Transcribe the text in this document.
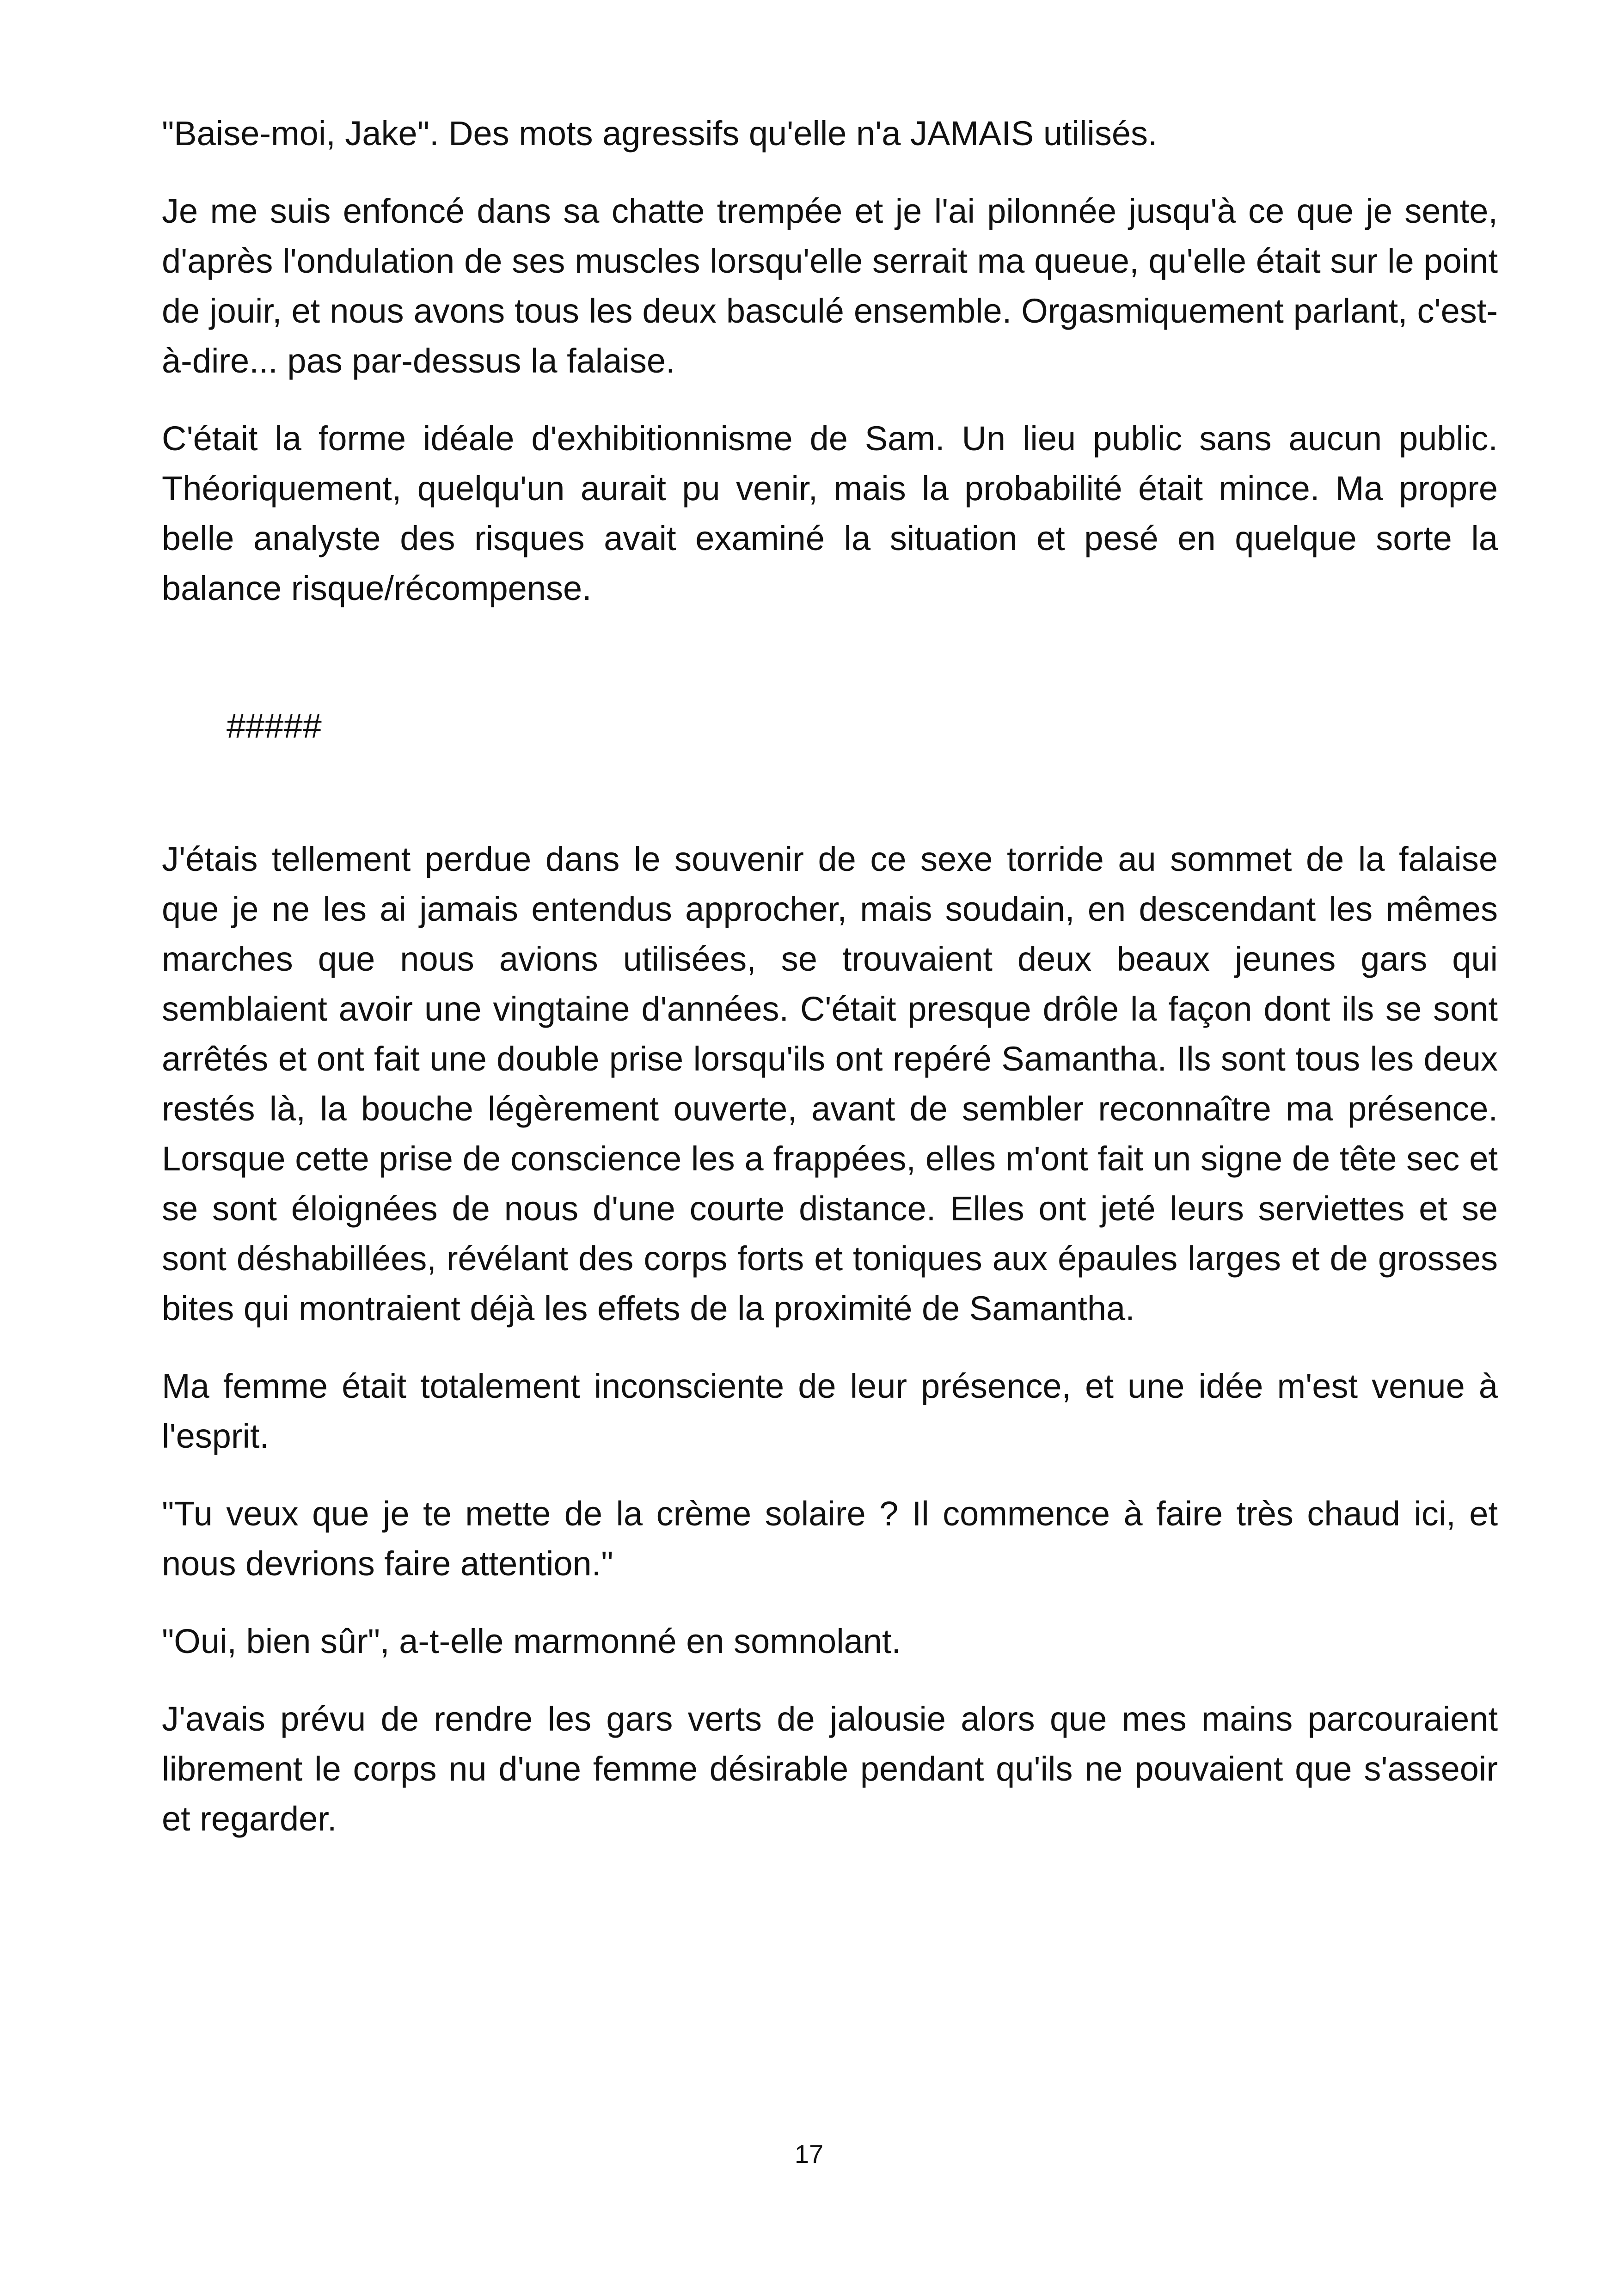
"Baise-moi, Jake". Des mots agressifs qu'elle n'a JAMAIS utilisés.

Je me suis enfoncé dans sa chatte trempée et je l'ai pilonnée jusqu'à ce que je sente, d'après l'ondulation de ses muscles lorsqu'elle serrait ma queue, qu'elle était sur le point de jouir, et nous avons tous les deux basculé ensemble. Orgasmiquement parlant, c'est-à-dire... pas par-dessus la falaise.

C'était la forme idéale d'exhibitionnisme de Sam. Un lieu public sans aucun public. Théoriquement, quelqu'un aurait pu venir, mais la probabilité était mince. Ma propre belle analyste des risques avait examiné la situation et pesé en quelque sorte la balance risque/récompense.

#####

J'étais tellement perdue dans le souvenir de ce sexe torride au sommet de la falaise que je ne les ai jamais entendus approcher, mais soudain, en descendant les mêmes marches que nous avions utilisées, se trouvaient deux beaux jeunes gars qui semblaient avoir une vingtaine d'années. C'était presque drôle la façon dont ils se sont arrêtés et ont fait une double prise lorsqu'ils ont repéré Samantha. Ils sont tous les deux restés là, la bouche légèrement ouverte, avant de sembler reconnaître ma présence. Lorsque cette prise de conscience les a frappées, elles m'ont fait un signe de tête sec et se sont éloignées de nous d'une courte distance. Elles ont jeté leurs serviettes et se sont déshabillées, révélant des corps forts et toniques aux épaules larges et de grosses bites qui montraient déjà les effets de la proximité de Samantha.

Ma femme était totalement inconsciente de leur présence, et une idée m'est venue à l'esprit.

"Tu veux que je te mette de la crème solaire ? Il commence à faire très chaud ici, et nous devrions faire attention."

"Oui, bien sûr", a-t-elle marmonné en somnolant.

J'avais prévu de rendre les gars verts de jalousie alors que mes mains parcouraient librement le corps nu d'une femme désirable pendant qu'ils ne pouvaient que s'asseoir et regarder.

17
